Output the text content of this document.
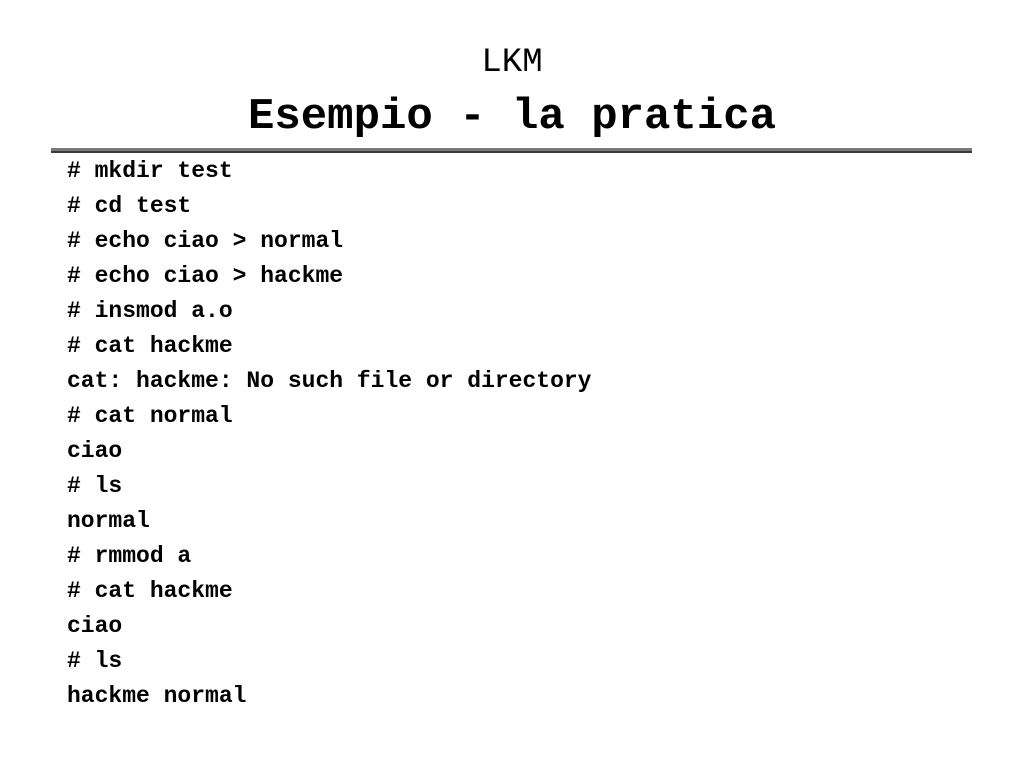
LKM
Esempio - la pratica
# mkdir test
# cd test
# echo ciao > normal
# echo ciao > hackme
# insmod a.o
# cat hackme
cat: hackme: No such file or directory
# cat normal
ciao
# ls
normal
# rmmod a
# cat hackme
ciao
# ls
hackme normal
